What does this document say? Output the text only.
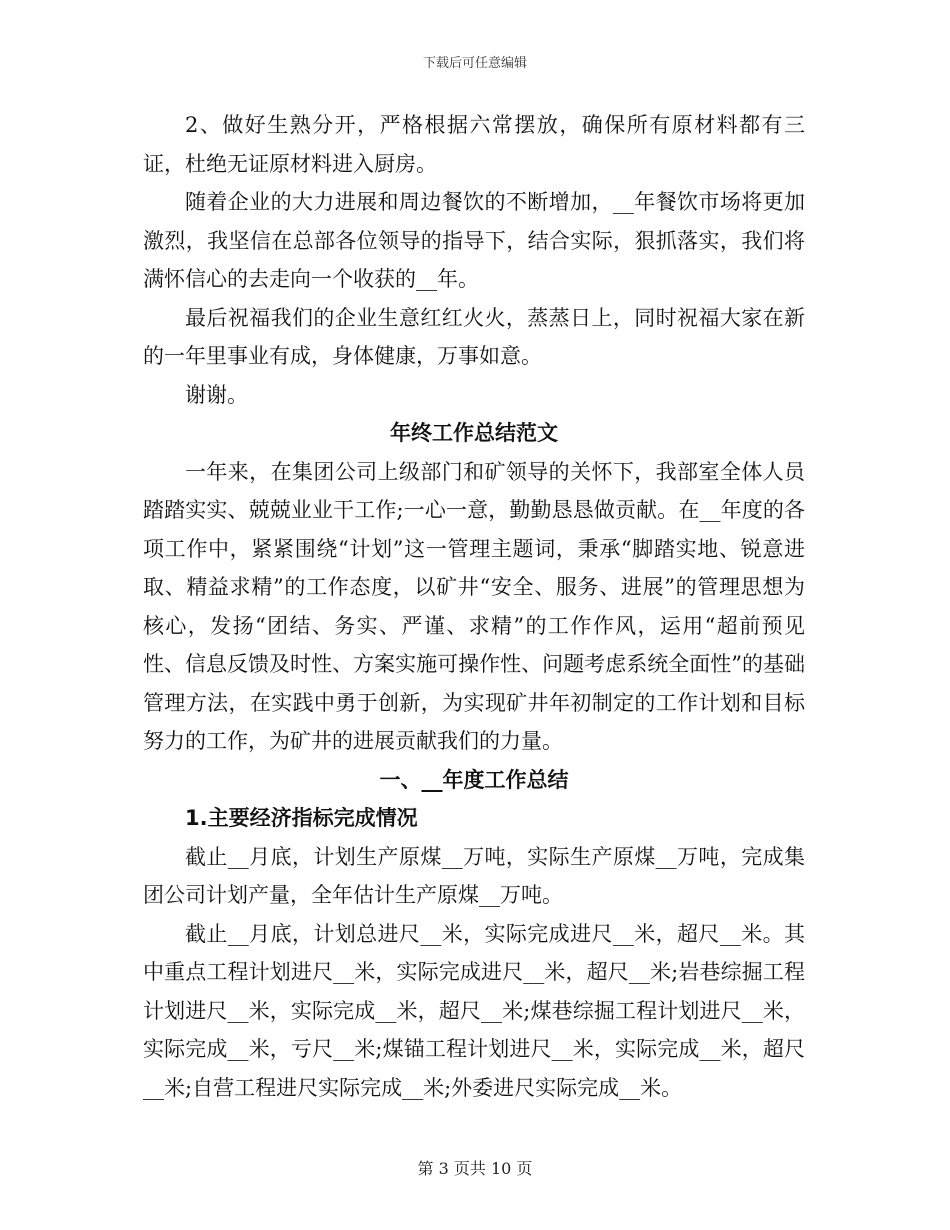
下载后可任意编辑

2、做好生熟分开，严格根据六常摆放，确保所有原材料都有三证，杜绝无证原材料进入厨房。

随着企业的大力进展和周边餐饮的不断增加，__年餐饮市场将更加激烈，我坚信在总部各位领导的指导下，结合实际，狠抓落实，我们将满怀信心的去走向一个收获的__年。

最后祝福我们的企业生意红红火火，蒸蒸日上，同时祝福大家在新的一年里事业有成，身体健康，万事如意。

谢谢。

年终工作总结范文

一年来，在集团公司上级部门和矿领导的关怀下，我部室全体人员踏踏实实、兢兢业业干工作;一心一意，勤勤恳恳做贡献。在__年度的各项工作中，紧紧围绕“计划”这一管理主题词，秉承“脚踏实地、锐意进取、精益求精”的工作态度，以矿井“安全、服务、进展”的管理思想为核心，发扬“团结、务实、严谨、求精”的工作作风，运用“超前预见性、信息反馈及时性、方案实施可操作性、问题考虑系统全面性”的基础管理方法，在实践中勇于创新，为实现矿井年初制定的工作计划和目标努力的工作，为矿井的进展贡献我们的力量。

一、__年度工作总结
1.主要经济指标完成情况

截止__月底，计划生产原煤__万吨，实际生产原煤__万吨，完成集团公司计划产量，全年估计生产原煤__万吨。

截止__月底，计划总进尺__米，实际完成进尺__米，超尺__米。其中重点工程计划进尺__米，实际完成进尺__米，超尺__米;岩巷综掘工程计划进尺__米，实际完成__米，超尺__米;煤巷综掘工程计划进尺__米，实际完成__米，亏尺__米;煤锚工程计划进尺__米，实际完成__米，超尺__米;自营工程进尺实际完成__米;外委进尺实际完成__米。

第 3 页共 10 页
